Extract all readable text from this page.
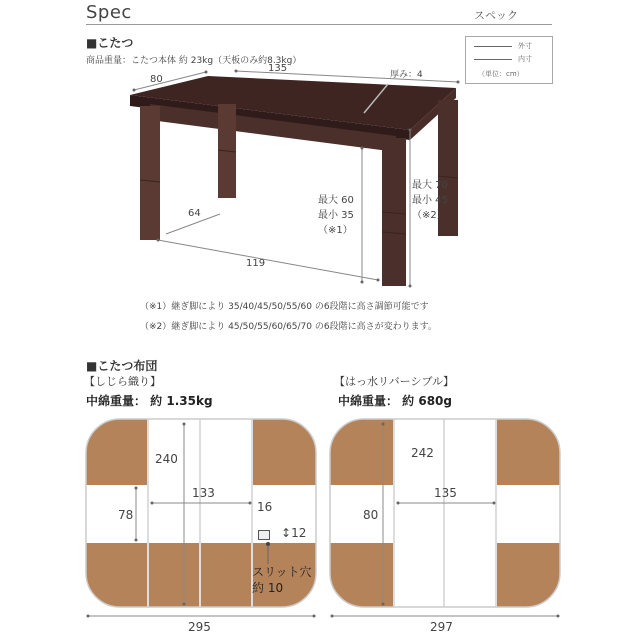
Spec	スペック
■こたつ
商品重量：こたつ本体 約 23kg（天板のみ約8.3kg）
外寸
内寸
（単位：cm）
80
135
厚み：4
64
119
最大 60
最小 35
（※1）
最大 70
最小 45
（※2）
（※1）継ぎ脚により 35/40/45/50/55/60 の6段階に高さ調節可能です
（※2）継ぎ脚により 45/50/55/60/65/70 の6段階に高さが変わります。
■こたつ布団
【しじら織り】
中綿重量： 約 1.35kg
【はっ水リバーシブル】
中綿重量： 約 680g
240
78
133
16
↕12
スリット穴
約 10
295
242
80
135
297
